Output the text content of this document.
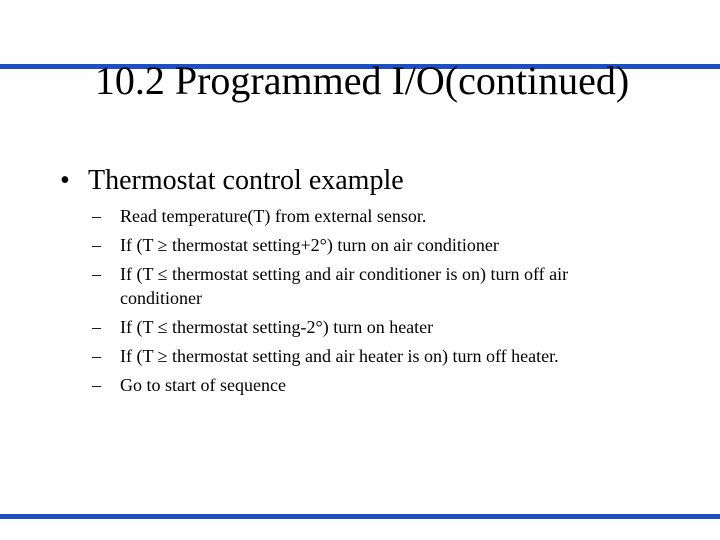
10.2 Programmed I/O(continued)
• Thermostat control example
– Read temperature(T) from external sensor.
– If (T ≥ thermostat setting+2°) turn on air conditioner
– If (T ≤ thermostat setting and air conditioner is on) turn off air conditioner
– If (T ≤ thermostat setting-2°) turn on heater
– If (T ≥ thermostat setting and air heater is on) turn off heater.
– Go to start of sequence
